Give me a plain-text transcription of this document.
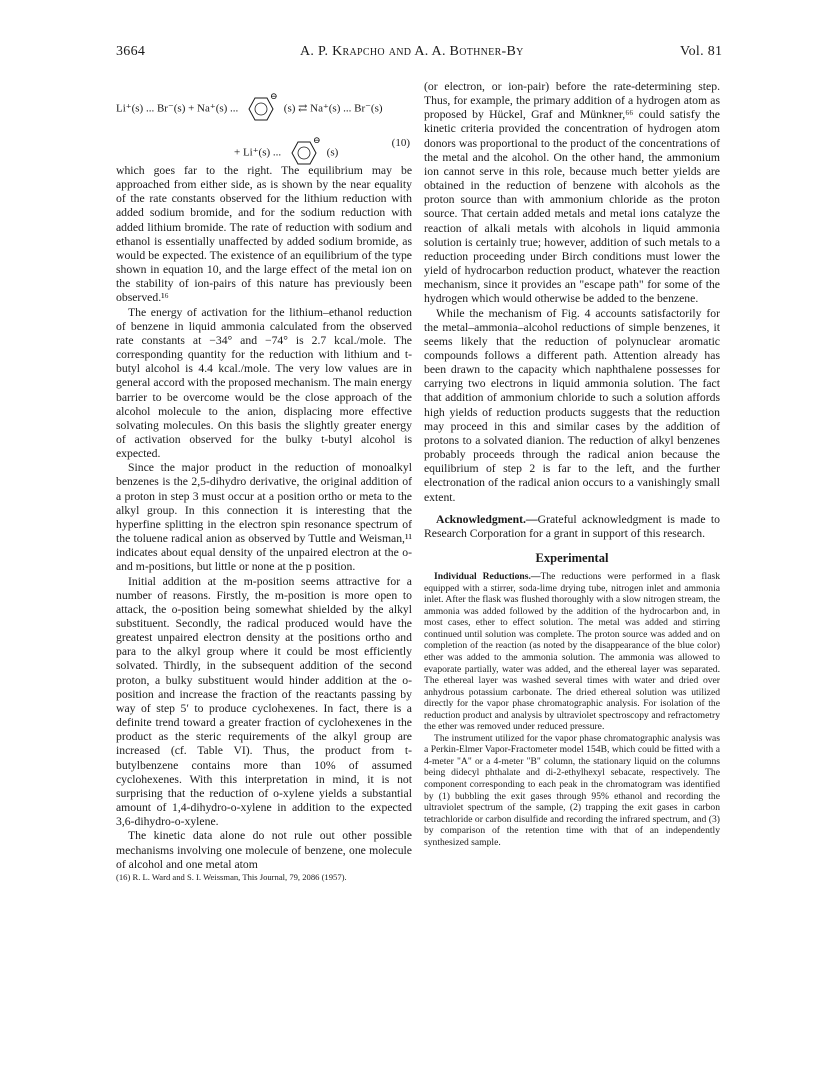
3664	A. P. Krapcho and A. A. Bothner-By	Vol. 81
Li⁺(s) ... Br⁻(s) + Na⁺(s) ...
⊖
(s) ⇄ Na⁺(s) ... Br⁻(s)
+ Li⁺(s) ...
⊖
(s)
(10)

which goes far to the right. The equilibrium may be approached from either side, as is shown by the near equality of the rate constants observed for the lithium reduction with added sodium bromide, and for the sodium reduction with added lithium bromide. The rate of reduction with sodium and ethanol is essentially unaffected by added sodium bromide, as would be expected. The existence of an equilibrium of the type shown in equation 10, and the large effect of the metal ion on the stability of ion-pairs of this nature has previously been observed.¹⁶

The energy of activation for the lithium–ethanol reduction of benzene in liquid ammonia calculated from the observed rate constants at −34° and −74° is 2.7 kcal./mole. The corresponding quantity for the reduction with lithium and t-butyl alcohol is 4.4 kcal./mole. The very low values are in general accord with the proposed mechanism. The main energy barrier to be overcome would be the close approach of the alcohol molecule to the anion, displacing more effective solvating molecules. On this basis the slightly greater energy of activation observed for the bulky t-butyl alcohol is expected.

Since the major product in the reduction of monoalkyl benzenes is the 2,5-dihydro derivative, the original addition of a proton in step 3 must occur at a position ortho or meta to the alkyl group. In this connection it is interesting that the hyperfine splitting in the electron spin resonance spectrum of the toluene radical anion as observed by Tuttle and Weisman,¹¹ indicates about equal density of the unpaired electron at the o- and m-positions, but little or none at the p position.

Initial addition at the m-position seems attractive for a number of reasons. Firstly, the m-position is more open to attack, the o-position being somewhat shielded by the alkyl substituent. Secondly, the radical produced would have the greatest unpaired electron density at the positions ortho and para to the alkyl group where it could be most efficiently solvated. Thirdly, in the subsequent addition of the second proton, a bulky substituent would hinder addition at the o-position and increase the fraction of the reactants passing by way of step 5′ to produce cyclohexenes. In fact, there is a definite trend toward a greater fraction of cyclohexenes in the product as the steric requirements of the alkyl group are increased (cf. Table VI). Thus, the product from t-butylbenzene contains more than 10% of assumed cyclohexenes. With this interpretation in mind, it is not surprising that the reduction of o-xylene yields a substantial amount of 1,4-dihydro-o-xylene in addition to the expected 3,6-dihydro-o-xylene.

The kinetic data alone do not rule out other possible mechanisms involving one molecule of benzene, one molecule of alcohol and one metal atom

(16) R. L. Ward and S. I. Weissman, This Journal, 79, 2086 (1957).

(or electron, or ion-pair) before the rate-determining step. Thus, for example, the primary addition of a hydrogen atom as proposed by Hückel, Graf and Münkner,⁶⁶ could satisfy the kinetic criteria provided the concentration of hydrogen atom donors was proportional to the product of the concentrations of the metal and the alcohol. On the other hand, the ammonium ion cannot serve in this role, because much better yields are obtained in the reduction of benzene with alcohols as the proton source than with ammonium chloride as the proton source. That certain added metals and metal ions catalyze the reaction of alkali metals with alcohols in liquid ammonia solution is certainly true; however, addition of such metals to a reduction proceeding under Birch conditions must lower the yield of hydrocarbon reduction product, whatever the reaction mechanism, since it provides an "escape path" for some of the hydrogen which would otherwise be added to the benzene.

While the mechanism of Fig. 4 accounts satisfactorily for the metal–ammonia–alcohol reductions of simple benzenes, it seems likely that the reduction of polynuclear aromatic compounds follows a different path. Attention already has been drawn to the capacity which naphthalene possesses for carrying two electrons in liquid ammonia solution. The fact that addition of ammonium chloride to such a solution affords high yields of reduction products suggests that the reduction may proceed in this and similar cases by the addition of protons to a solvated dianion. The reduction of alkyl benzenes probably proceeds through the radical anion because the equilibrium of step 2 is far to the left, and the further electronation of the radical anion occurs to a vanishingly small extent.

Acknowledgment.—Grateful acknowledgment is made to Research Corporation for a grant in support of this research.

Experimental

Individual Reductions.—The reductions were performed in a flask equipped with a stirrer, soda-lime drying tube, nitrogen inlet and ammonia inlet. After the flask was flushed thoroughly with a slow nitrogen stream, the ammonia was added followed by the addition of the hydrocarbon and, in most cases, ether to effect solution. The metal was added and stirring continued until solution was complete. The proton source was added and on completion of the reaction (as noted by the disappearance of the blue color) ether was added to the ammonia solution. The ammonia was allowed to evaporate partially, water was added, and the ethereal layer was separated. The ethereal layer was washed several times with water and dried over anhydrous potassium carbonate. The dried ethereal solution was utilized directly for the vapor phase chromatographic analysis. For isolation of the reduction product and analysis by ultraviolet spectroscopy and refractometry the ether was removed under reduced pressure.

The instrument utilized for the vapor phase chromatographic analysis was a Perkin-Elmer Vapor-Fractometer model 154B, which could be fitted with a 4-meter "A" or a 4-meter "B" column, the stationary liquid on the columns being didecyl phthalate and di-2-ethylhexyl sebacate, respectively. The component corresponding to each peak in the chromatogram was identified by (1) bubbling the exit gases through 95% ethanol and recording the ultraviolet spectrum of the sample, (2) trapping the exit gases in carbon tetrachloride or carbon disulfide and recording the infrared spectrum, and (3) by comparison of the retention time with that of an independently synthesized sample.
